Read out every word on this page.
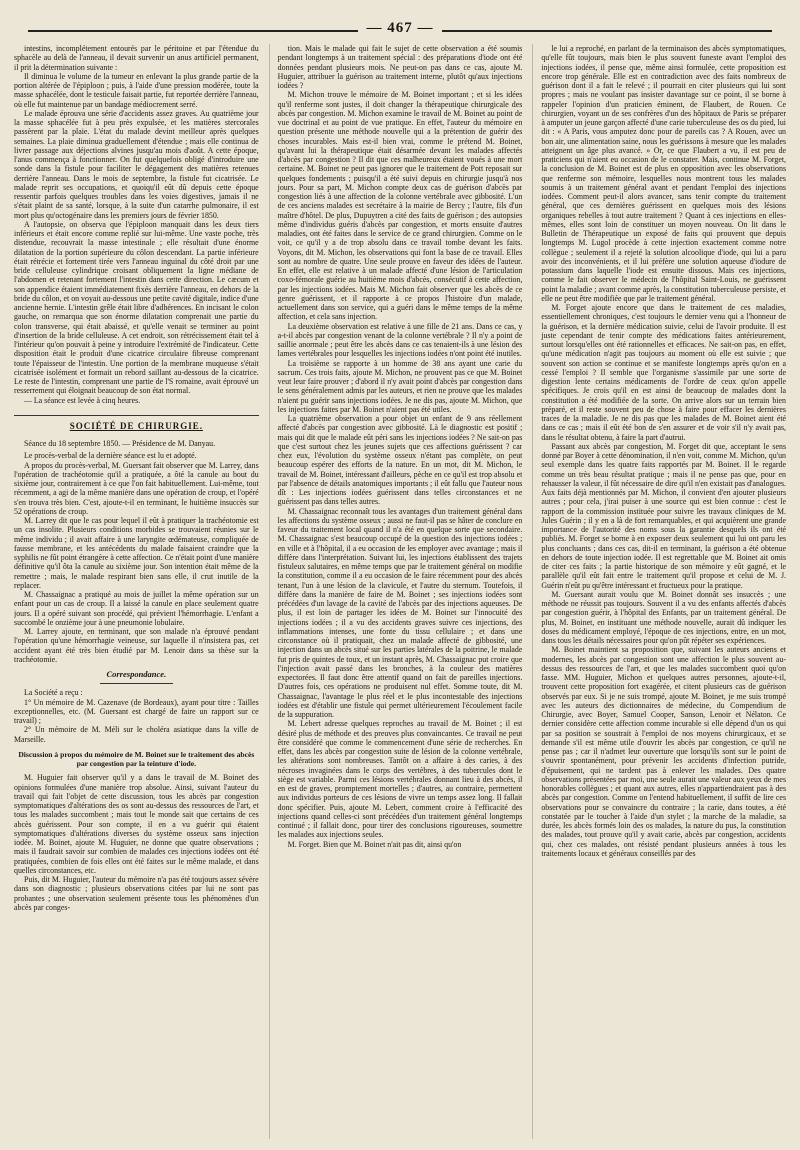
— 467 —

intestins, incomplétement entourés par le péritoine et par l'étendue du sphacèle au delà de l'anneau, il devait survenir un anus artificiel permanent, il prit la détermination suivante :

Il diminua le volume de la tumeur en enlevant la plus grande partie de la portion altérée de l'épiploon ; puis, à l'aide d'une pression modérée, toute la masse sphacélée, dont le testicule faisait partie, fut reportée derrière l'anneau, où elle fut maintenue par un bandage médiocrement serré.

Le malade éprouva une série d'accidents assez graves. Au quatrième jour la masse sphacélée fut à peu près expulsée, et les matières stercorales passèrent par la plaie. L'état du malade devint meilleur après quelques semaines. La plaie diminua graduellement d'étendue ; mais elle continua de livrer passage aux déjections alvines jusqu'au mois d'août. A cette époque, l'anus commença à fonctionner. On fut quelquefois obligé d'introduire une sonde dans la fistule pour faciliter le dégagement des matières retenues derrière l'anneau. Dans le mois de septembre, la fistule fut cicatrisée. Le malade reprit ses occupations, et quoiqu'il eût dû depuis cette époque ressentir parfois quelques troubles dans les voies digestives, jamais il ne s'était plaint de sa santé, lorsque, à la suite d'un catarrhe pulmonaire, il est mort plus qu'octogénaire dans les premiers jours de février 1850.

A l'autopsie, on observa que l'épiploon manquait dans les deux tiers inférieurs et était encore comme replié sur lui-même. Une vaste poche, très distendue, recouvrait la masse intestinale ; elle résultait d'une énorme dilatation de la portion supérieure du côlon descendant. La partie inférieure était rétrécie et fortement tirée vers l'anneau inguinal du côté droit par une bride celluleuse cylindrique croisant obliquement la ligne médiane de l'abdomen et retenant fortement l'intestin dans cette direction. Le cæcum et son appendice étaient immédiatement fixés derrière l'anneau, en dehors de la bride du côlon, et on voyait au-dessous une petite cavité digitale, indice d'une ancienne hernie. L'intestin grêle était libre d'adhérences. En incisant le colon gauche, on remarqua que son énorme dilatation comprenait une partie du colon transverse, qui était abaissé, et qu'elle venait se terminer au point d'insertion de la bride celluleuse. A cet endroit, son rétrécissement était tel à l'intérieur qu'on pouvait à peine y introduire l'extrémité de l'indicateur. Cette disposition était le produit d'une cicatrice circulaire fibreuse comprenant toute l'épaisseur de l'intestin. Une portion de la membrane muqueuse s'était cicatrisée isolément et formait un rebord saillant au-dessous de la cicatrice. Le reste de l'intestin, comprenant une partie de l'S romaine, avait éprouvé un resserrement qui éloignait beaucoup de son état normal.

— La séance est levée à cinq heures.

SOCIÉTÉ DE CHIRURGIE.

Séance du 18 septembre 1850. — Présidence de M. Danyau.

Le procès-verbal de la dernière séance est lu et adopté.

A propos du procès-verbal, M. Guersant fait observer que M. Larrey, dans l'opération de trachéotomie qu'il a pratiquée, a ôté la canule au bout du sixième jour, contrairement à ce que l'on fait habituellement. Lui-même, tout récemment, a agi de la même manière dans une opération de croup, et l'opéré s'en trouva très bien. C'est, ajoute-t-il en terminant, le huitième insuccès sur 52 opérations de croup.

M. Larrey dit que le cas pour lequel il eût à pratiquer la trachéotomie est un cas insolite. Plusieurs conditions morbides se trouvaient réunies sur le même individu ; il avait affaire à une laryngite œdémateuse, compliquée de fausse membrane, et les antécédents du malade faisaient craindre que la syphilis ne fût point étrangère à cette affection. Ce n'était point d'une manière définitive qu'il ôta la canule au sixième jour. Son intention était même de la remettre ; mais, le malade respirant bien sans elle, il crut inutile de la replacer.

M. Chassaignac a pratiqué au mois de juillet la même opération sur un enfant pour un cas de croup. Il a laissé la canule en place seulement quatre jours. Il a opéré suivant son procédé, qui prévient l'hémorrhagie. L'enfant a succombé le onzième jour à une pneumonie lobulaire.

M. Larrey ajoute, en terminant, que son malade n'a éprouvé pendant l'opération qu'une hémorrhagie veineuse, sur laquelle il n'insistera pas, cet accident ayant été très bien étudié par M. Lenoir dans sa thèse sur la trachéotomie.

Correspondance.

La Société a reçu :

1° Un mémoire de M. Cazenave (de Bordeaux), ayant pour titre : Tailles exceptionnelles, etc. (M. Guersant est chargé de faire un rapport sur ce travail) ;

2° Un mémoire de M. Méli sur le choléra asiatique dans la ville de Marseille.

Discussion à propos du mémoire de M. Boinet sur le traitement des abcès par congestion par la teinture d'iode.

M. Huguier fait observer qu'il y a dans le travail de M. Boinet des opinions formulées d'une manière trop absolue. Ainsi, suivant l'auteur du travail qui fait l'objet de cette discussion, tous les abcès par congestion symptomatiques d'altérations des os sont au-dessus des ressources de l'art, et tous les malades succombent ; mais tout le monde sait que certains de ces abcès guérissent. Pour son compte, il en a vu guérir qui étaient symptomatiques d'altérations diverses du système osseux sans injection iodée. M. Boinet, ajoute M. Huguier, ne donne que quatre observations ; mais il faudrait savoir sur combien de malades ces injections iodées ont été pratiquées, combien de fois elles ont été faites sur le même malade, et dans quelles circonstances, etc.

Puis, dit M. Huguier, l'auteur du mémoire n'a pas été toujours assez sévère dans son diagnostic ; plusieurs observations citées par lui ne sont pas probantes ; une observation seulement présente tous les phénomènes d'un abcès par conges-

tion. Mais le malade qui fait le sujet de cette observation a été soumis pendant longtemps à un traitement spécial : des préparations d'iode ont été données pendant plusieurs mois. Ne peut-on pas dans ce cas, ajoute M. Huguier, attribuer la guérison au traitement interne, plutôt qu'aux injections iodées ?

M. Michon trouve le mémoire de M. Boinet important ; et si les idées qu'il renferme sont justes, il doit changer la thérapeutique chirurgicale des abcès par congestion. M. Michon examine le travail de M. Boinet au point de vue doctrinal et au point de vue pratique. En effet, l'auteur du mémoire en question présente une méthode nouvelle qui a la prétention de guérir des choses incurables. Mais est-il bien vrai, comme le prétend M. Boinet, qu'avant lui la thérapeutique était désarmée devant les malades affectés d'abcès par congestion ? Il dit que ces malheureux étaient voués à une mort certaine. M. Boinet ne peut pas ignorer que le traitement de Pott reposait sur quelques fondements ; puisqu'il a été suivi depuis en chirurgie jusqu'à nos jours. Pour sa part, M. Michon compte deux cas de guérison d'abcès par congestion liés à une affection de la colonne vertébrale avec gibbosité. L'un de ces anciens malades est secrétaire à la mairie de Bercy ; l'autre, fils d'un maître d'hôtel. De plus, Dupuytren a cité des faits de guérison ; des autopsies même d'individus guéris d'abcès par congestion, et morts ensuite d'autres maladies, ont été faites dans le service de ce grand chirurgien. Comme on le voit, ce qu'il y a de trop absolu dans ce travail tombe devant les faits. Voyons, dit M. Michon, les observations qui font la base de ce travail. Elles sont au nombre de quatre. Une seule prouve en faveur des idées de l'auteur. En effet, elle est relative à un malade affecté d'une lésion de l'articulation coxo-fémorale guérie au huitième mois d'abcès, consécutif à cette affection, par les injections iodées. Mais M. Michon fait observer que les abcès de ce genre guérissent, et il rapporte à ce propos l'histoire d'un malade, actuellement dans son service, qui a guéri dans le même temps de la même affection, et cela sans injection.

La deuxième observation est relative à une fille de 21 ans. Dans ce cas, y a-t-il abcès par congestion venant de la colonne vertébrale ? Il n'y a point de saillie anormale ; peut être les abcès dans ce cas tenaient-ils à une lésion des lames vertébrales pour lesquelles les injections iodées n'ont point été inutiles.

La troisième se rapporte à un homme de 38 ans ayant une carie du sacrum. Ces trois faits, ajoute M. Michon, ne prouvent pas ce que M. Boinet veut leur faire prouver ; d'abord il n'y avait point d'abcès par congestion dans le sens généralement admis par les auteurs, et rien ne prouve que les malades n'aient pu guérir sans injections iodées. Je ne dis pas, ajoute M. Michon, que les injections faites par M. Boinet n'aient pas été utiles.

La quatrième observation a pour objet un enfant de 9 ans réellement affecté d'abcès par congestion avec gibbosité. Là le diagnostic est positif ; mais qui dit que le malade eût péri sans les injections iodées ? Ne sait-on pas que c'est surtout chez les jeunes sujets que ces affections guérissent ? car chez eux, l'évolution du système osseux n'étant pas complète, on peut beaucoup espérer des efforts de la nature. En un mot, dit M. Michon, le travail de M. Boinet, intéressant d'ailleurs, pèche en ce qu'il est trop absolu et par l'absence de détails anatomiques importants ; il eût fallu que l'auteur nous dît : Les injections iodées guérissent dans telles circonstances et ne guérissent pas dans telles autres.

M. Chassaignac reconnaît tous les avantages d'un traitement général dans les affections du système osseux ; aussi ne faut-il pas se hâter de conclure en faveur du traitement local quand il n'a été en quelque sorte que secondaire. M. Chassaignac s'est beaucoup occupé de la question des injections iodées ; en ville et à l'hôpital, il a eu occasion de les employer avec avantage ; mais il diffère dans l'interprétation. Suivant lui, les injections établissent des trajets fistuleux salutaires, en même temps que par le traitement général on modifie la constitution, comme il a eu occasion de le faire récemment pour des abcès tenant, l'un à une lésion de la clavicule, et l'autre du sternum. Toutefois, il diffère dans la manière de faire de M. Boinet ; ses injections iodées sont précédées d'un lavage de la cavité de l'abcès par des injections aqueuses. De plus, il est loin de partager les idées de M. Boinet sur l'innocuité des injections iodées ; il a vu des accidents graves suivre ces injections, des inflammations intenses, une fonte du tissu cellulaire ; et dans une circonstance où il pratiquait, chez un malade affecté de gibbosité, une injection dans un abcès situé sur les parties latérales de la poitrine, le malade fut pris de quintes de toux, et un instant après, M. Chassaignac put croire que l'injection avait passé dans les bronches, à la couleur des matières expectorées. Il faut donc être attentif quand on fait de pareilles injections. D'autres fois, ces opérations ne produisent nul effet. Somme toute, dit M. Chassaignac, l'avantage le plus réel et le plus incontestable des injections iodées est d'établir une fistule qui permet ultérieurement l'écoulement facile de la suppuration.

M. Lebert adresse quelques reproches au travail de M. Boinet ; il est désiré plus de méthode et des preuves plus convaincantes. Ce travail ne peut être considéré que comme le commencement d'une série de recherches. En effet, dans les abcès par congestion suite de lésion de la colonne vertébrale, les altérations sont nombreuses. Tantôt on a affaire à des caries, à des nécroses invaginées dans le corps des vertèbres, à des tubercules dont le siège est variable. Parmi ces lésions vertébrales donnant lieu à des abcès, il en est de graves, promptement mortelles ; d'autres, au contraire, permettent aux individus porteurs de ces lésions de vivre un temps assez long. Il fallait donc spécifier. Puis, ajoute M. Lebert, comment croire à l'efficacité des injections quand celles-ci sont précédées d'un traitement général longtemps continué ; il fallait donc, pour tirer des conclusions rigoureuses, soumettre les malades aux injections seules.

M. Forget. Bien que M. Boinet n'ait pas dit, ainsi qu'on

le lui a reproché, en parlant de la terminaison des abcès symptomatiques, qu'elle fût toujours, mais bien le plus souvent funeste avant l'emploi des injections iodées, il pense que, même ainsi formulée, cette proposition est encore trop générale. Elle est en contradiction avec des faits nombreux de guérison dont il a fait le relevé ; il pourrait en citer plusieurs qui lui sont propres ; mais ne voulant pas insister davantage sur ce point, il se borne à rappeler l'opinion d'un praticien éminent, de Flaubert, de Rouen. Ce chirurgien, voyant un de ses confrères d'un des hôpitaux de Paris se préparer à amputer un jeune garçon affecté d'une carie tuberculeuse des os du pied, lui dit : « A Paris, vous amputez donc pour de pareils cas ? A Rouen, avec un bon air, une alimentation saine, nous les guérissons à mesure que les malades atteignent un âge plus avancé. » Or, ce que Flaubert a vu, il est peu de praticiens qui n'aient eu occasion de le constater. Mais, continue M. Forget, la conclusion de M. Boinet est de plus en opposition avec les observations que renferme son mémoire, lesquelles nous montrent tous les malades soumis à un traitement général avant et pendant l'emploi des injections iodées. Comment peut-il alors avancer, sans tenir compte du traitement général, que ces dernières guérissent en quelques mois des lésions organiques rebelles à tout autre traitement ? Quant à ces injections en elles-mêmes, elles sont loin de constituer un moyen nouveau. On lit dans le Bulletin de Thérapeutique un exposé de faits qui prouvent que depuis longtemps M. Lugol procède à cette injection exactement comme notre collègue ; seulement il a rejeté la solution alcoolique d'iode, qui lui a paru avoir des inconvénients, et il lui préfère une solution aqueuse d'iodure de potassium dans laquelle l'iode est ensuite dissous. Mais ces injections, comme le fait observer le médecin de l'hôpital Saint-Louis, ne guérissent point la maladie ; avant comme après, la constitution tuberculeuse persiste, et elle ne peut être modifiée que par le traitement général.

M. Forget ajoute encore que dans le traitement de ces maladies, essentiellement chroniques, c'est toujours le dernier venu qui a l'honneur de la guérison, et la dernière médication suivie, celui de l'avoir produite. Il est juste cependant de tenir compte des médications faites antérieurement, surtout lorsqu'elles ont été rationnelles et efficaces. Ne sait-on pas, en effet, qu'une médication n'agit pas toujours au moment où elle est suivie ; que souvent son action se continue et se manifeste longtemps après qu'on en a cessé l'emploi ? Il semble que l'organisme s'assimile par une sorte de digestion lente certains médicaments de l'ordre de ceux qu'on appelle spécifiques. Je crois qu'il en est ainsi de beaucoup de malades dont la constitution a été modifiée de la sorte. On arrive alors sur un terrain bien préparé, et il reste souvent peu de chose à faire pour effacer les dernières traces de la maladie. Je ne dis pas que les malades de M. Boinet aient été dans ce cas ; mais il eût été bon de s'en assurer et de voir s'il n'y avait pas, dans le résultat obtenu, à faire la part d'autrui.

Passant aux abcès par congestion, M. Forget dit que, acceptant le sens donné par Boyer à cette dénomination, il n'en voit, comme M. Michon, qu'un seul exemple dans les quatre faits rapportés par M. Boinet. Il le regarde comme un très beau résultat pratique ; mais il ne pense pas que, pour en rehausser la valeur, il fût nécessaire de dire qu'il n'en existait pas d'analogues. Aux faits déjà mentionnés par M. Michon, il convient d'en ajouter plusieurs autres ; pour cela, j'irai puiser à une source qui est bien connue : c'est le rapport de la commission instituée pour suivre les travaux cliniques de M. Jules Guérin ; il y en a là de fort remarquables, et qui acquièrent une grande importance de l'autorité des noms sous la garantie desquels ils ont été publiés. M. Forget se borne à en exposer deux seulement qui lui ont paru les plus concluants ; dans ces cas, dit-il en terminant, la guérison a été obtenue en dehors de toute injection iodée. Il est regrettable que M. Boinet ait omis de citer ces faits ; la partie historique de son mémoire y eût gagné, et le parallèle qu'il eût fait entre le traitement qu'il propose et celui de M. J. Guérin n'eût pu qu'être intéressant et fructueux pour la pratique.

M. Guersant aurait voulu que M. Boinet donnât ses insuccès ; une méthode ne réussit pas toujours. Souvent il a vu des enfants affectés d'abcès par congestion guérir, à l'hôpital des Enfants, par un traitement général. De plus, M. Boinet, en instituant une méthode nouvelle, aurait dû indiquer les doses du médicament employé, l'époque de ces injections, entre, en un mot, dans tous les détails nécessaires pour qu'on pût répéter ses expériences.

M. Boinet maintient sa proposition que, suivant les auteurs anciens et modernes, les abcès par congestion sont une affection le plus souvent au-dessus des ressources de l'art, et que les malades succombent quoi qu'on fasse. MM. Huguier, Michon et quelques autres personnes, ajoute-t-il, trouvent cette proposition fort exagérée, et citent plusieurs cas de guérison observés par eux. Si je ne suis trompé, ajoute M. Boinet, je me suis trompé avec les auteurs des dictionnaires de médecine, du Compendium de Chirurgie, avec Boyer, Samuel Cooper, Sanson, Lenoir et Nélaton. Ce dernier considère cette affection comme incurable si elle dépend d'un os qui par sa position se soustrait à l'emploi de nos moyens chirurgicaux, et se demande s'il est même utile d'ouvrir les abcès par congestion, ce qu'il ne pense pas ; car il n'admet leur ouverture que lorsqu'ils sont sur le point de s'ouvrir spontanément, pour prévenir les accidents d'infection putride, d'épuisement, qui ne tardent pas à enlever les malades. Des quatre observations présentées par moi, une seule aurait une valeur aux yeux de mes honorables collègues ; et quant aux autres, elles n'appartiendraient pas à des abcès par congestion. Comme on l'entend habituellement, il suffit de lire ces observations pour se convaincre du contraire ; la carie, dans toutes, a été constatée par le toucher à l'aide d'un stylet ; la marche de la maladie, sa durée, les abcès formés loin des os malades, la nature du pus, la constitution des malades, tout prouve qu'il y avait carie, abcès par congestion, accidents qui, chez ces malades, ont résisté pendant plusieurs années à tous les traitements locaux et généraux conseillés par des
